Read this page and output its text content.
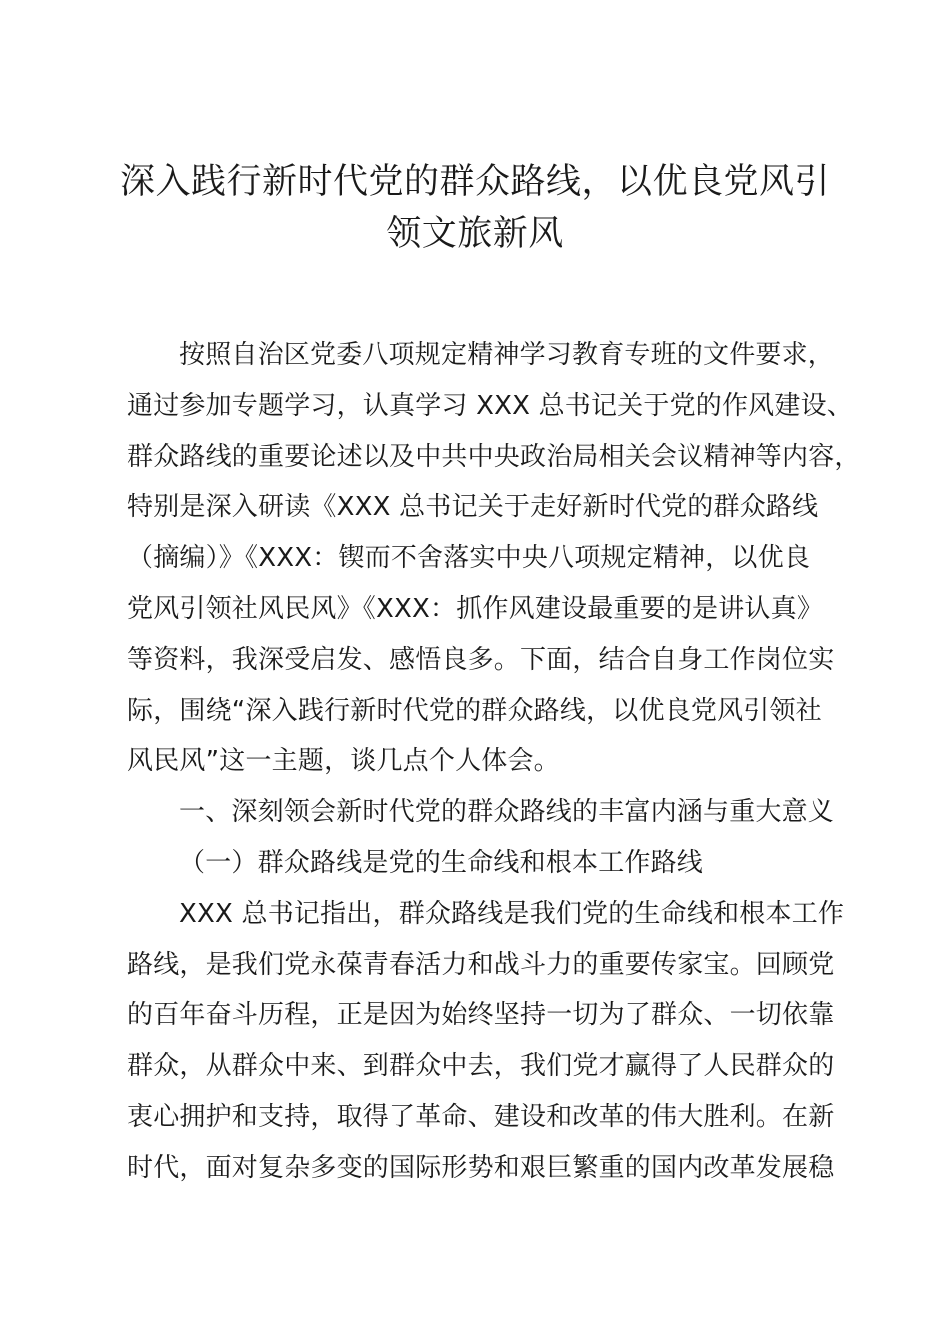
深入践行新时代党的群众路线，以优良党风引
领文旅新风
按照自治区党委八项规定精神学习教育专班的文件要求，
通过参加专题学习，认真学习 XXX 总书记关于党的作风建设、
群众路线的重要论述以及中共中央政治局相关会议精神等内容，
特别是深入研读《XXX 总书记关于走好新时代党的群众路线
（摘编）》《XXX：锲而不舍落实中央八项规定精神，以优良
党风引领社风民风》《XXX：抓作风建设最重要的是讲认真》
等资料，我深受启发、感悟良多。下面，结合自身工作岗位实
际，围绕“深入践行新时代党的群众路线，以优良党风引领社
风民风”这一主题，谈几点个人体会。
一、深刻领会新时代党的群众路线的丰富内涵与重大意义
（一）群众路线是党的生命线和根本工作路线
XXX 总书记指出，群众路线是我们党的生命线和根本工作
路线，是我们党永葆青春活力和战斗力的重要传家宝。回顾党
的百年奋斗历程，正是因为始终坚持一切为了群众、一切依靠
群众，从群众中来、到群众中去，我们党才赢得了人民群众的
衷心拥护和支持，取得了革命、建设和改革的伟大胜利。在新
时代，面对复杂多变的国际形势和艰巨繁重的国内改革发展稳
